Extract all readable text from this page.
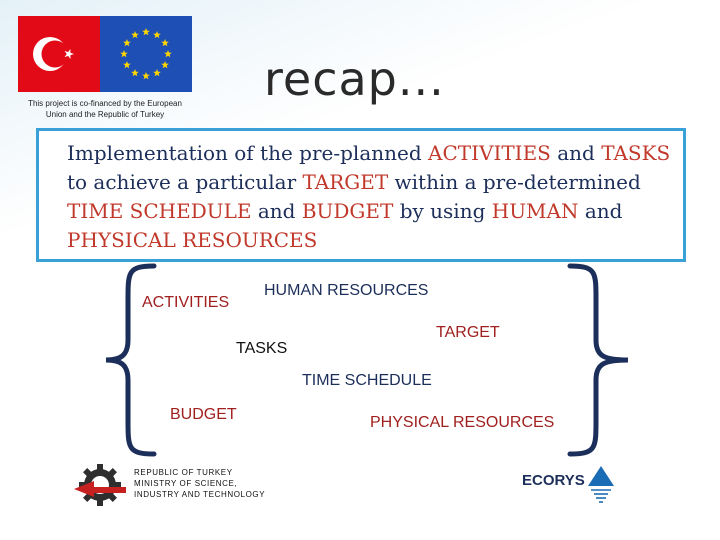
This project is co-financed by the European
Union and the Republic of Turkey
recap...
Implementation of the pre-planned ACTIVITIES and TASKS to achieve a particular TARGET within a pre-determined TIME SCHEDULE and BUDGET by using HUMAN and PHYSICAL RESOURCES
ACTIVITIES
HUMAN RESOURCES
TASKS
TARGET
TIME SCHEDULE
BUDGET	PHYSICAL RESOURCES
REPUBLIC OF TURKEY
MINISTRY OF SCIENCE,
INDUSTRY AND TECHNOLOGY
ECORYS
